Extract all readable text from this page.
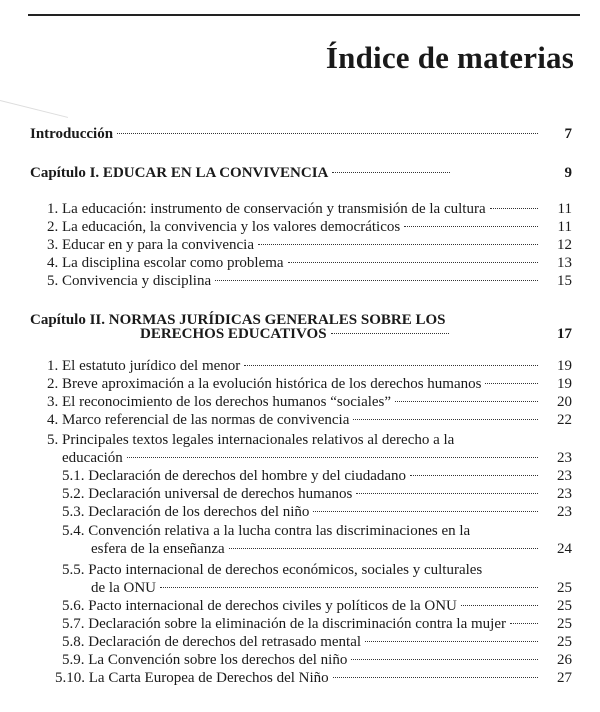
Índice de materias
Introducción	7
Capítulo I. EDUCAR EN LA CONVIVENCIA	9
1. La educación: instrumento de conservación y transmisión de la cultura	11
2. La educación, la convivencia y los valores democráticos	11
3. Educar en y para la convivencia	12
4. La disciplina escolar como problema	13
5. Convivencia y disciplina	15
Capítulo II. NORMAS JURÍDICAS GENERALES SOBRE LOS
DERECHOS EDUCATIVOS	17
1. El estatuto jurídico del menor	19
2. Breve aproximación a la evolución histórica de los derechos humanos	19
3. El reconocimiento de los derechos humanos “sociales”	20
4. Marco referencial de las normas de convivencia	22
5. Principales textos legales internacionales relativos al derecho a la
educación	23
5.1. Declaración de derechos del hombre y del ciudadano	23
5.2. Declaración universal de derechos humanos	23
5.3. Declaración de los derechos del niño	23
5.4. Convención relativa a la lucha contra las discriminaciones en la
esfera de la enseñanza	24
5.5. Pacto internacional de derechos económicos, sociales y culturales
de la ONU	25
5.6. Pacto internacional de derechos civiles y políticos de la ONU	25
5.7. Declaración sobre la eliminación de la discriminación contra la mujer	25
5.8. Declaración de derechos del retrasado mental	25
5.9. La Convención sobre los derechos del niño	26
5.10. La Carta Europea de Derechos del Niño	27
